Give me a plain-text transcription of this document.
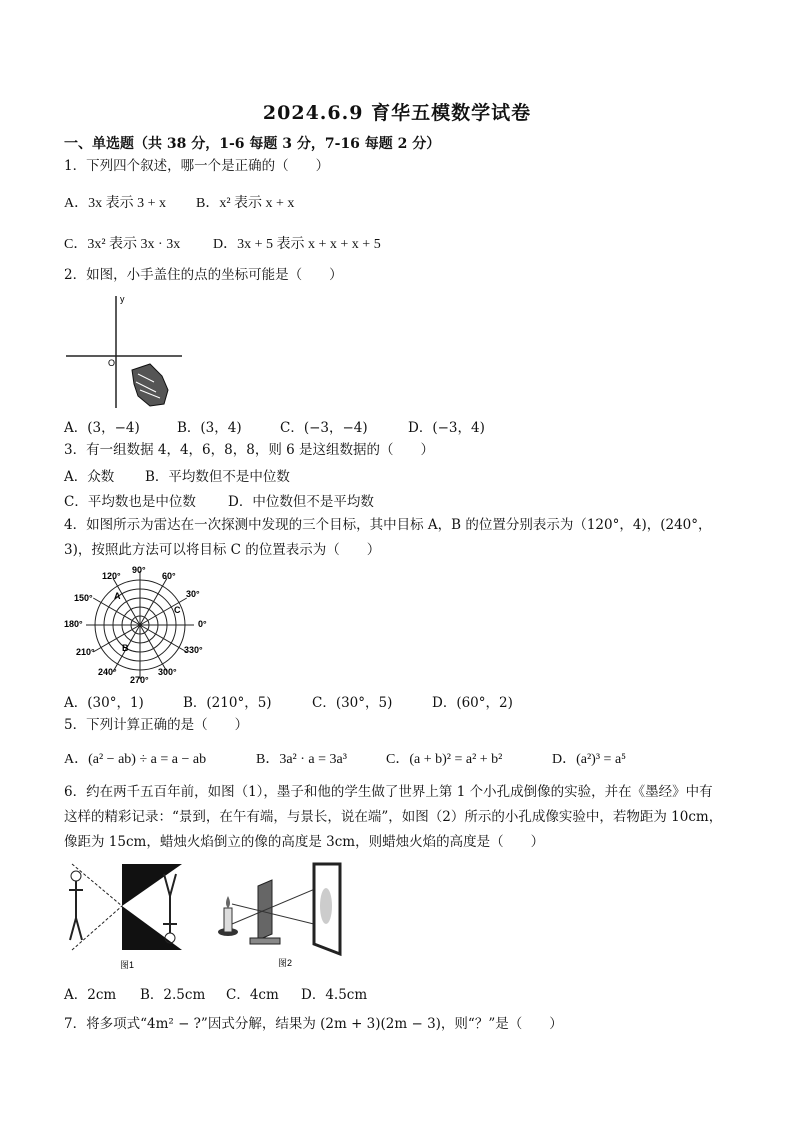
2024.6.9 育华五模数学试卷
一、单选题（共 38 分，1-6 每题 3 分，7-16 每题 2 分）
1．下列四个叙述，哪一个是正确的（　　）
A．3x 表示 3 + x B．x² 表示 x + x
C．3x² 表示 3x · 3x D．3x + 5 表示 x + x + x + 5
2．如图，小手盖住的点的坐标可能是（　　）
y
O
A．(3，−4)	B．(3，4)	C．(−3，−4)	D．(−3，4)
3．有一组数据 4，4，6，8，8，则 6 是这组数据的（　　）
A．众数 B．平均数但不是中位数
C．平均数也是中位数 D．中位数但不是平均数
4．如图所示为雷达在一次探测中发现的三个目标，其中目标 A，B 的位置分别表示为（120°，4)，(240°，
3)，按照此方法可以将目标 C 的位置表示为（　　）
90°
120°	60°
150°	30°
180°	0°
210°	330°
240°	300°
270°
A
B
C
A．(30°，1)	B．(210°，5)	C．(30°，5)	D．(60°，2)
5．下列计算正确的是（　　）
A．(a² − ab) ÷ a = a − ab	B．3a² · a = 3a³	C．(a + b)² = a² + b²	D．(a²)³ = a⁵
6．约在两千五百年前，如图（1），墨子和他的学生做了世界上第 1 个小孔成倒像的实验，并在《墨经》中有
这样的精彩记录：“景到，在午有端，与景长，说在端”，如图（2）所示的小孔成像实验中，若物距为 10cm，
像距为 15cm，蜡烛火焰倒立的像的高度是 3cm，则蜡烛火焰的高度是（　　）
图1	图2
A．2cm B．2.5cm C．4cm D．4.5cm
7．将多项式“4m² − ?”因式分解，结果为 (2m + 3)(2m − 3)，则“？”是（　　）
